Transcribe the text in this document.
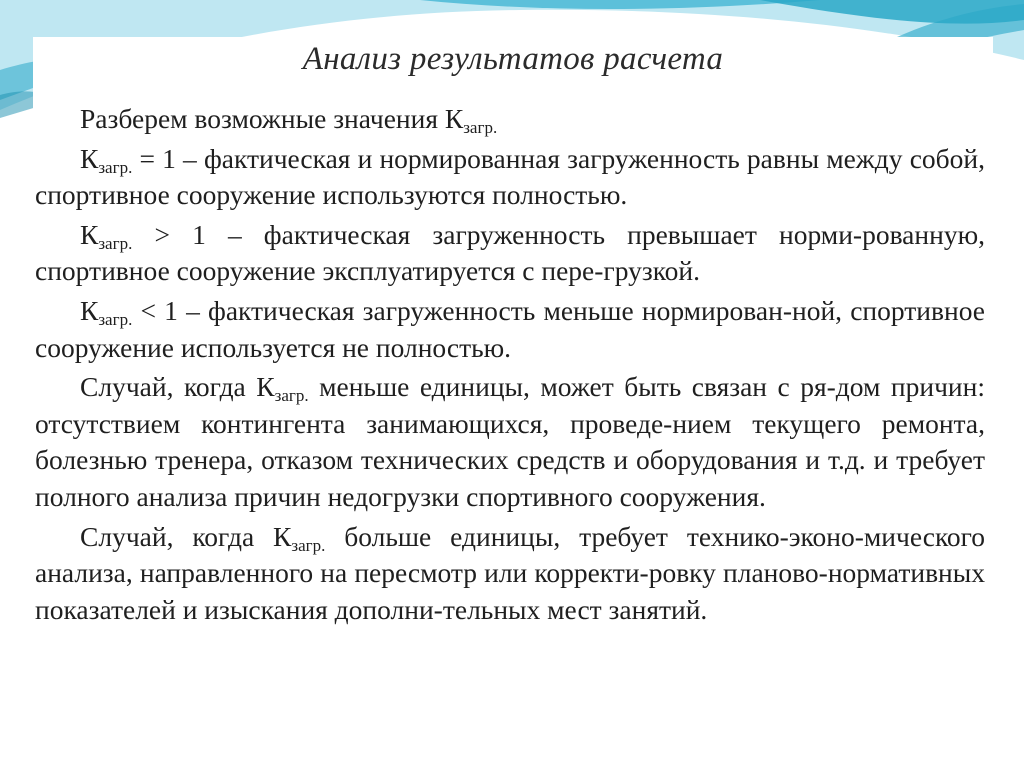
Анализ результатов расчета

Разберем возможные значения $К_{загр.}$

$К_{загр.} = 1$ – фактическая и нормированная загруженность равны между собой, спортивное сооружение используются полностью.

$К_{загр.} > 1$ – фактическая загруженность превышает норми-рованную, спортивное сооружение эксплуатируется с пере-грузкой.

$К_{загр.} < 1$ – фактическая загруженность меньше нормирован-ной, спортивное сооружение используется не полностью.

Случай, когда $К_{загр.}$ меньше единицы, может быть связан с ря-дом причин: отсутствием контингента занимающихся, проведе-нием текущего ремонта, болезнью тренера, отказом технических средств и оборудования и т.д. и требует полного анализа причин недогрузки спортивного сооружения.

Случай, когда $К_{загр.}$ больше единицы, требует технико-эконо-мического анализа, направленного на пересмотр или корректи-ровку планово-нормативных показателей и изыскания дополни-тельных мест занятий.
